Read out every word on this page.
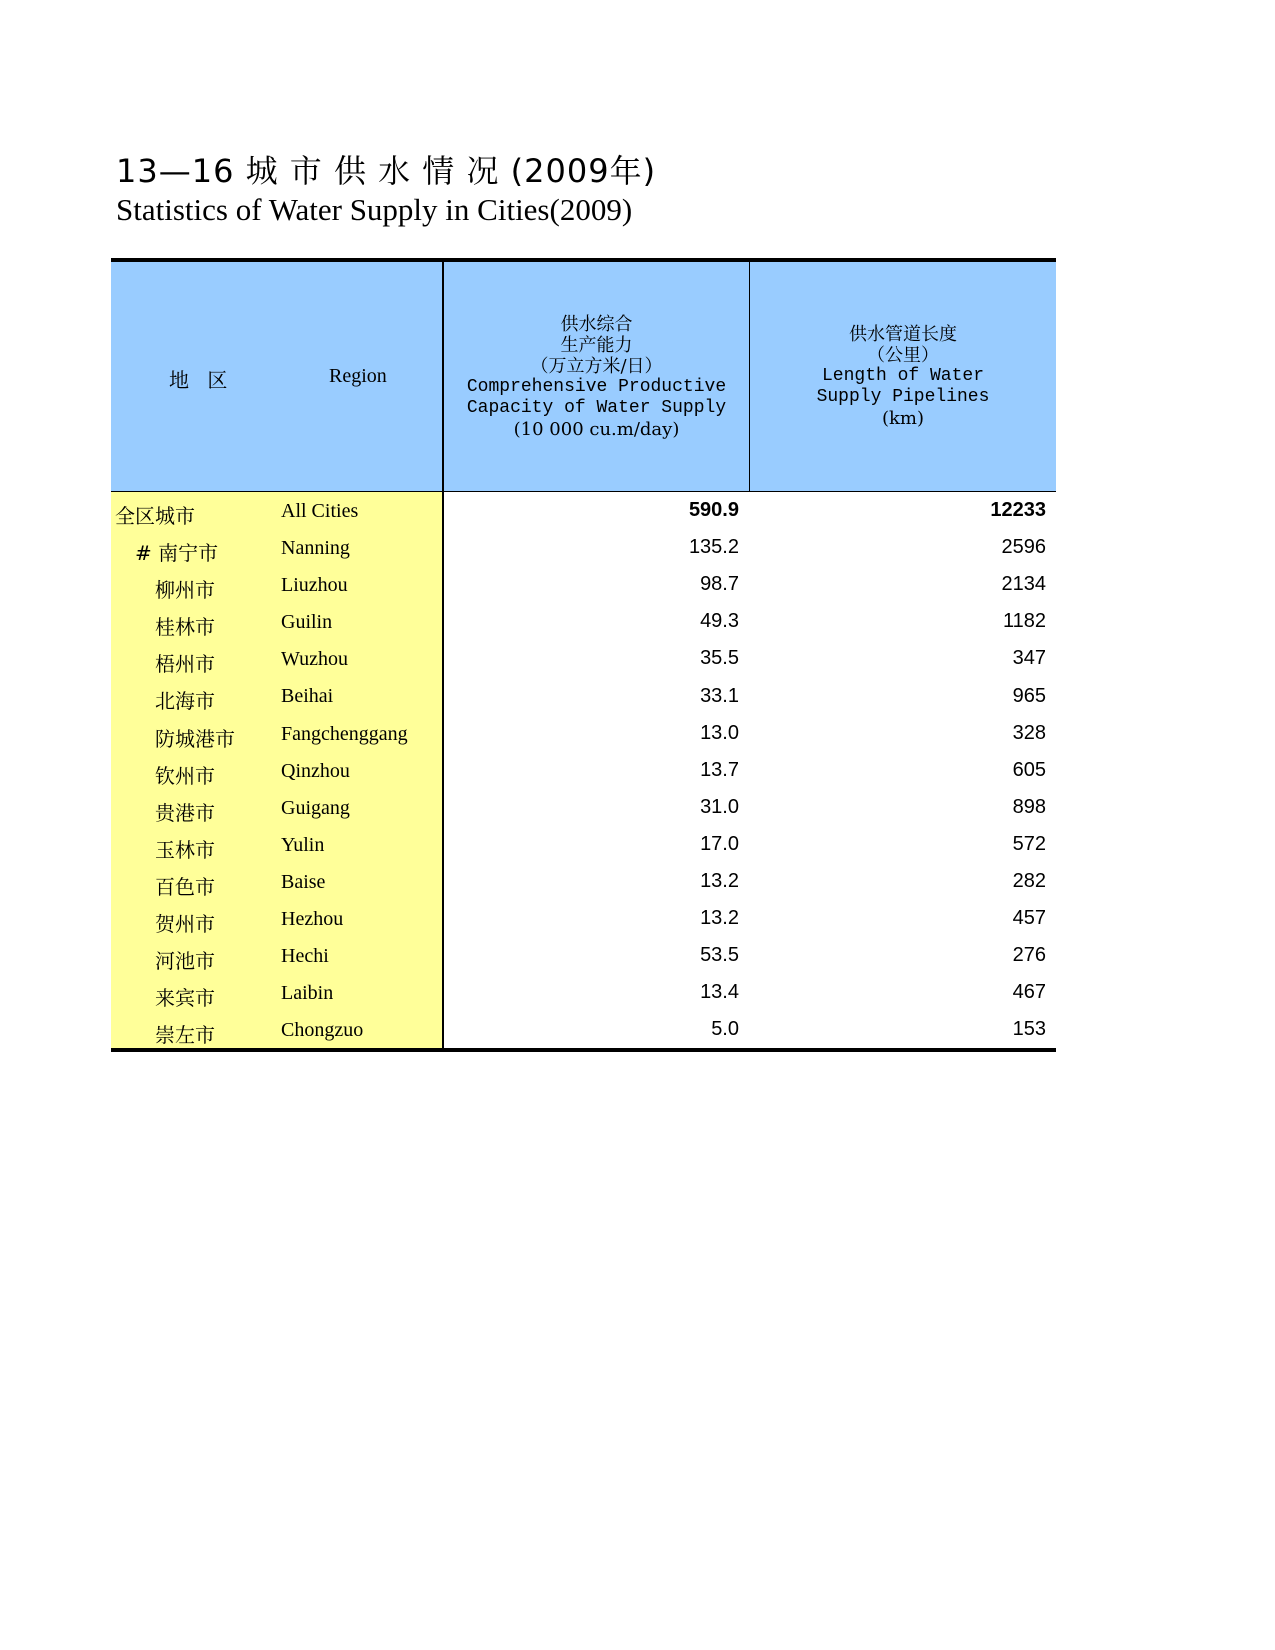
13—16 城 市 供 水 情 况 (2009年)
Statistics of Water Supply in Cities(2009)
地 区	Region
供水综合
生产能力
（万立方米/日）
Comprehensive Productive
Capacity of Water Supply
(10 000 cu.m/day)
供水管道长度
（公里）
Length of Water
Supply Pipelines
(km)
全区城市	All Cities	590.9	12233
# 南宁市	Nanning	135.2	2596
柳州市	Liuzhou	98.7	2134
桂林市	Guilin	49.3	1182
梧州市	Wuzhou	35.5	347
北海市	Beihai	33.1	965
防城港市 Fangchenggang	13.0	328
钦州市	Qinzhou	13.7	605
贵港市	Guigang	31.0	898
玉林市	Yulin	17.0	572
百色市	Baise	13.2	282
贺州市	Hezhou	13.2	457
河池市	Hechi	53.5	276
来宾市	Laibin	13.4	467
崇左市	Chongzuo	5.0	153
